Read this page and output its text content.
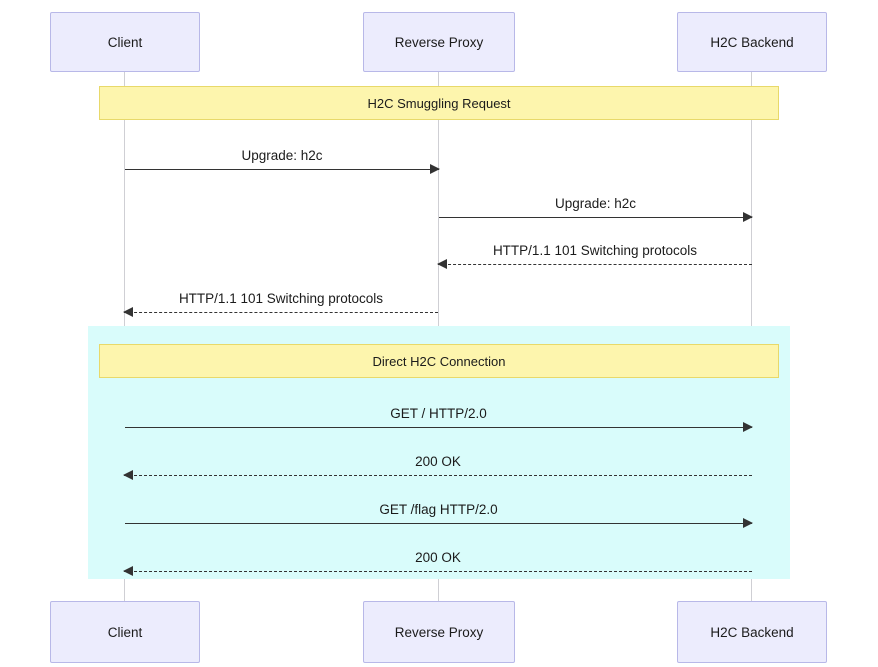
Client	Reverse Proxy	H2C Backend
H2C Smuggling Request
Upgrade: h2c
Upgrade: h2c
HTTP/1.1 101 Switching protocols
HTTP/1.1 101 Switching protocols
Direct H2C Connection
GET / HTTP/2.0
200 OK
GET /flag HTTP/2.0
200 OK
Client	Reverse Proxy	H2C Backend
